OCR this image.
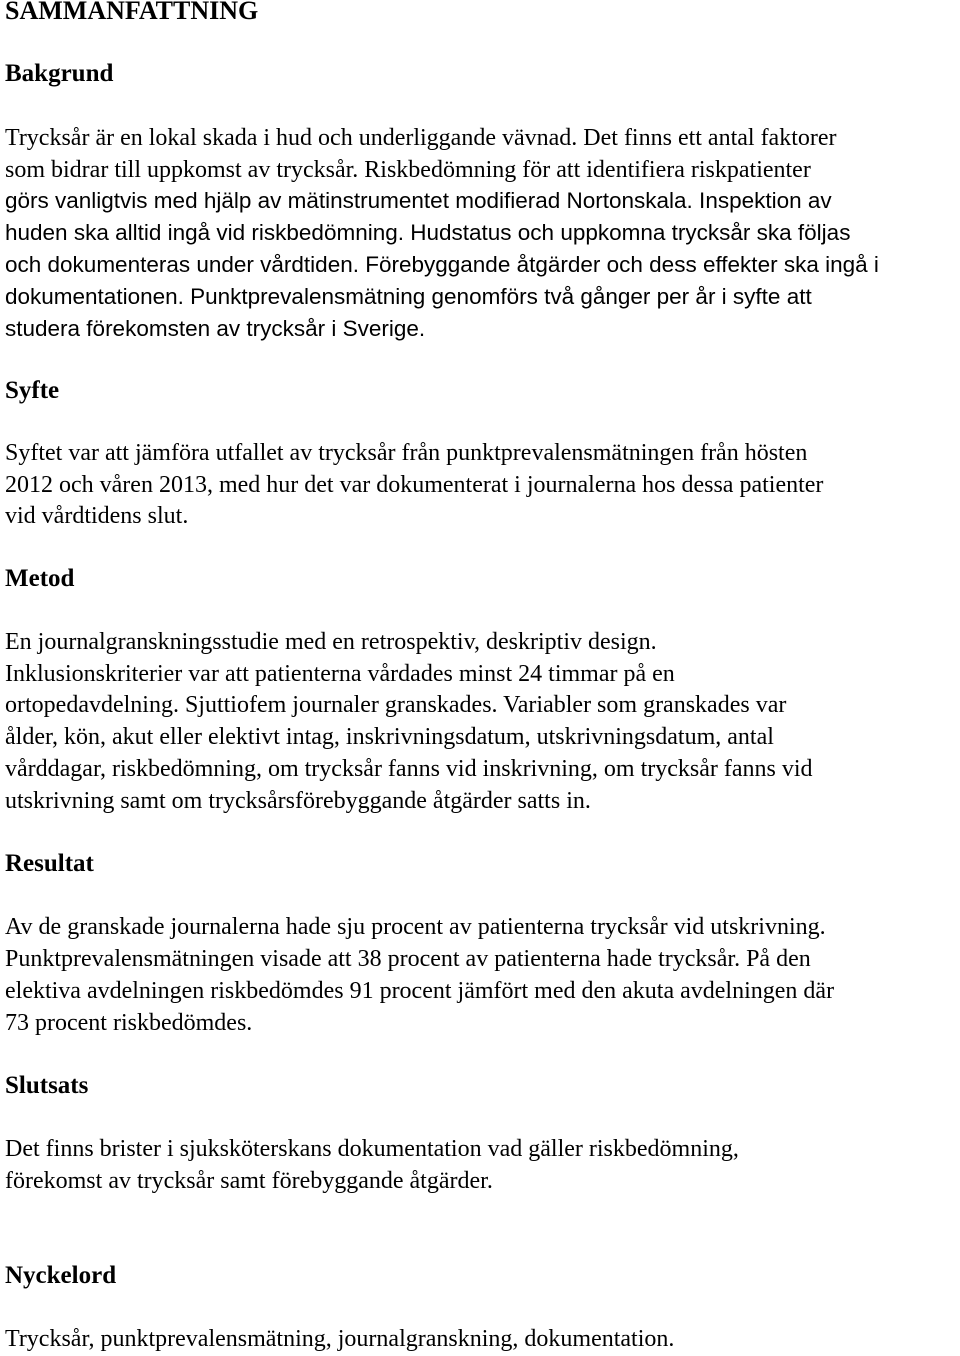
SAMMANFATTNING
Bakgrund

Trycksår är en lokal skada i hud och underliggande vävnad. Det finns ett antal faktorer

som bidrar till uppkomst av trycksår. Riskbedömning för att identifiera riskpatienter

görs vanligtvis med hjälp av mätinstrumentet modifierad Nortonskala. Inspektion av

huden ska alltid ingå vid riskbedömning. Hudstatus och uppkomna trycksår ska följas

och dokumenteras under vårdtiden. Förebyggande åtgärder och dess effekter ska ingå i

dokumentationen. Punktprevalensmätning genomförs två gånger per år i syfte att

studera förekomsten av trycksår i Sverige.

Syfte

Syftet var att jämföra utfallet av trycksår från punktprevalensmätningen från hösten

2012 och våren 2013, med hur det var dokumenterat i journalerna hos dessa patienter

vid vårdtidens slut.

Metod

En journalgranskningsstudie med en retrospektiv, deskriptiv design.

Inklusionskriterier var att patienterna vårdades minst 24 timmar på en

ortopedavdelning. Sjuttiofem journaler granskades. Variabler som granskades var

ålder, kön, akut eller elektivt intag, inskrivningsdatum, utskrivningsdatum, antal

vårddagar, riskbedömning, om trycksår fanns vid inskrivning, om trycksår fanns vid

utskrivning samt om trycksårsförebyggande åtgärder satts in.

Resultat

Av de granskade journalerna hade sju procent av patienterna trycksår vid utskrivning.

Punktprevalensmätningen visade att 38 procent av patienterna hade trycksår. På den

elektiva avdelningen riskbedömdes 91 procent jämfört med den akuta avdelningen där

73 procent riskbedömdes.

Slutsats

Det finns brister i sjuksköterskans dokumentation vad gäller riskbedömning,

förekomst av trycksår samt förebyggande åtgärder.

Nyckelord

Trycksår, punktprevalensmätning, journalgranskning, dokumentation.
